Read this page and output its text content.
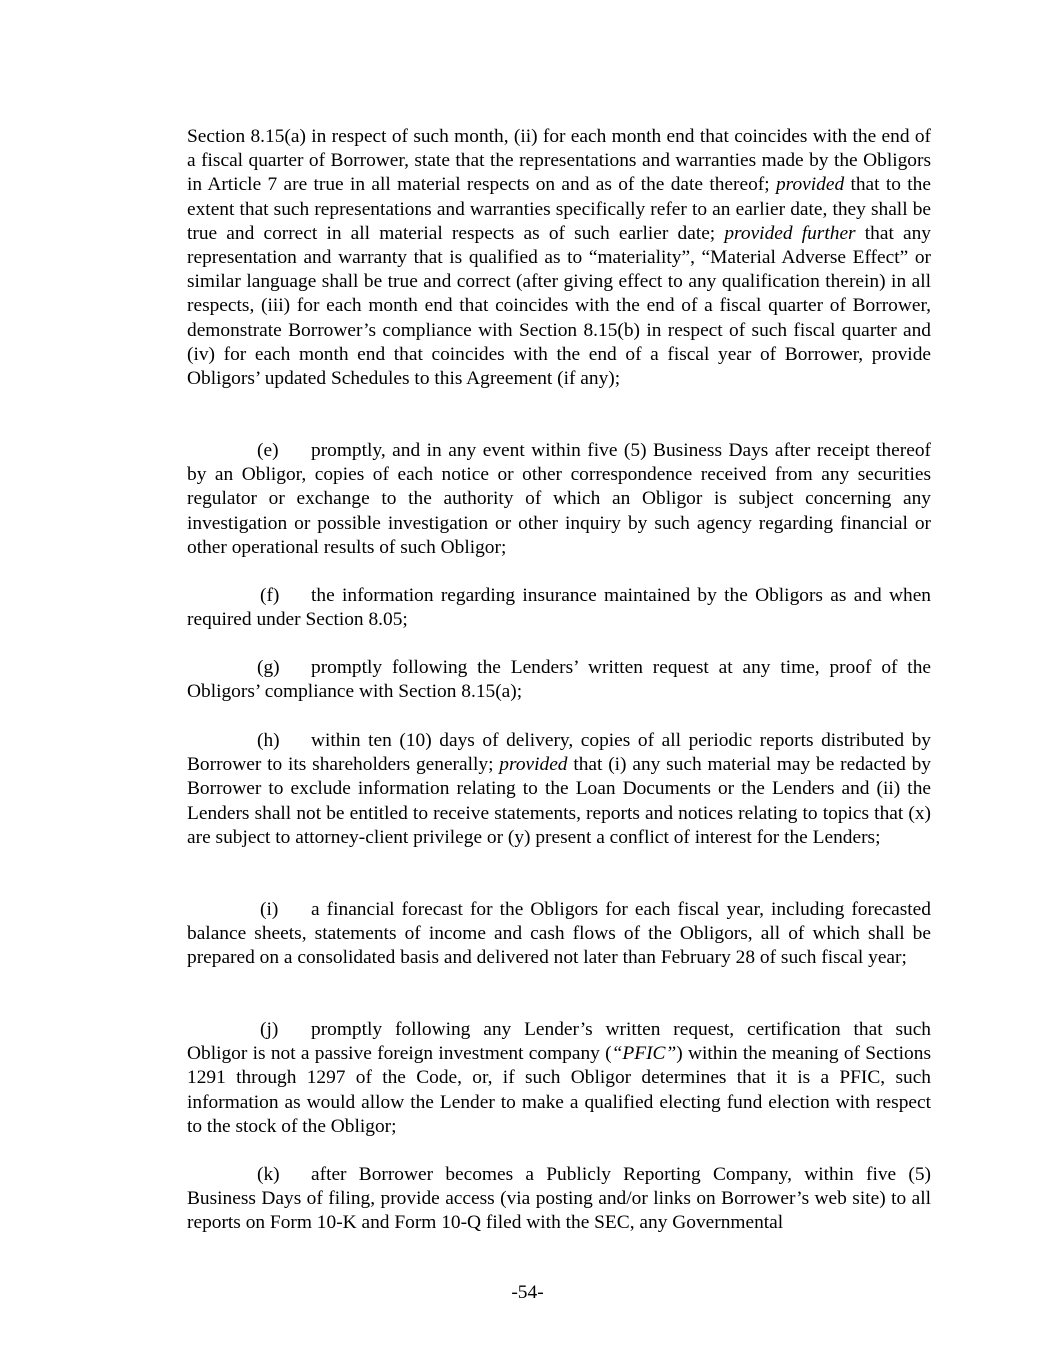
Section 8.15(a) in respect of such month, (ii) for each month end that coincides with the end of a fiscal quarter of Borrower, state that the representations and warranties made by the Obligors in Article 7 are true in all material respects on and as of the date thereof; provided that to the extent that such representations and warranties specifically refer to an earlier date, they shall be true and correct in all material respects as of such earlier date; provided further that any representation and warranty that is qualified as to “materiality”, “Material Adverse Effect” or similar language shall be true and correct (after giving effect to any qualification therein) in all respects, (iii) for each month end that coincides with the end of a fiscal quarter of Borrower, demonstrate Borrower’s compliance with Section 8.15(b) in respect of such fiscal quarter and (iv) for each month end that coincides with the end of a fiscal year of Borrower, provide Obligors’ updated Schedules to this Agreement (if any);

(e) promptly, and in any event within five (5) Business Days after receipt thereof by an Obligor, copies of each notice or other correspondence received from any securities regulator or exchange to the authority of which an Obligor is subject concerning any investigation or possible investigation or other inquiry by such agency regarding financial or other operational results of such Obligor;

(f) the information regarding insurance maintained by the Obligors as and when required under Section 8.05;

(g) promptly following the Lenders’ written request at any time, proof of the Obligors’ compliance with Section 8.15(a);

(h) within ten (10) days of delivery, copies of all periodic reports distributed by Borrower to its shareholders generally; provided that (i) any such material may be redacted by Borrower to exclude information relating to the Loan Documents or the Lenders and (ii) the Lenders shall not be entitled to receive statements, reports and notices relating to topics that (x) are subject to attorney-client privilege or (y) present a conflict of interest for the Lenders;

(i) a financial forecast for the Obligors for each fiscal year, including forecasted balance sheets, statements of income and cash flows of the Obligors, all of which shall be prepared on a consolidated basis and delivered not later than February 28 of such fiscal year;

(j) promptly following any Lender’s written request, certification that such Obligor is not a passive foreign investment company (“PFIC”) within the meaning of Sections 1291 through 1297 of the Code, or, if such Obligor determines that it is a PFIC, such information as would allow the Lender to make a qualified electing fund election with respect to the stock of the Obligor;

(k) after Borrower becomes a Publicly Reporting Company, within five (5) Business Days of filing, provide access (via posting and/or links on Borrower’s web site) to all reports on Form 10-K and Form 10-Q filed with the SEC, any Governmental

-54-
